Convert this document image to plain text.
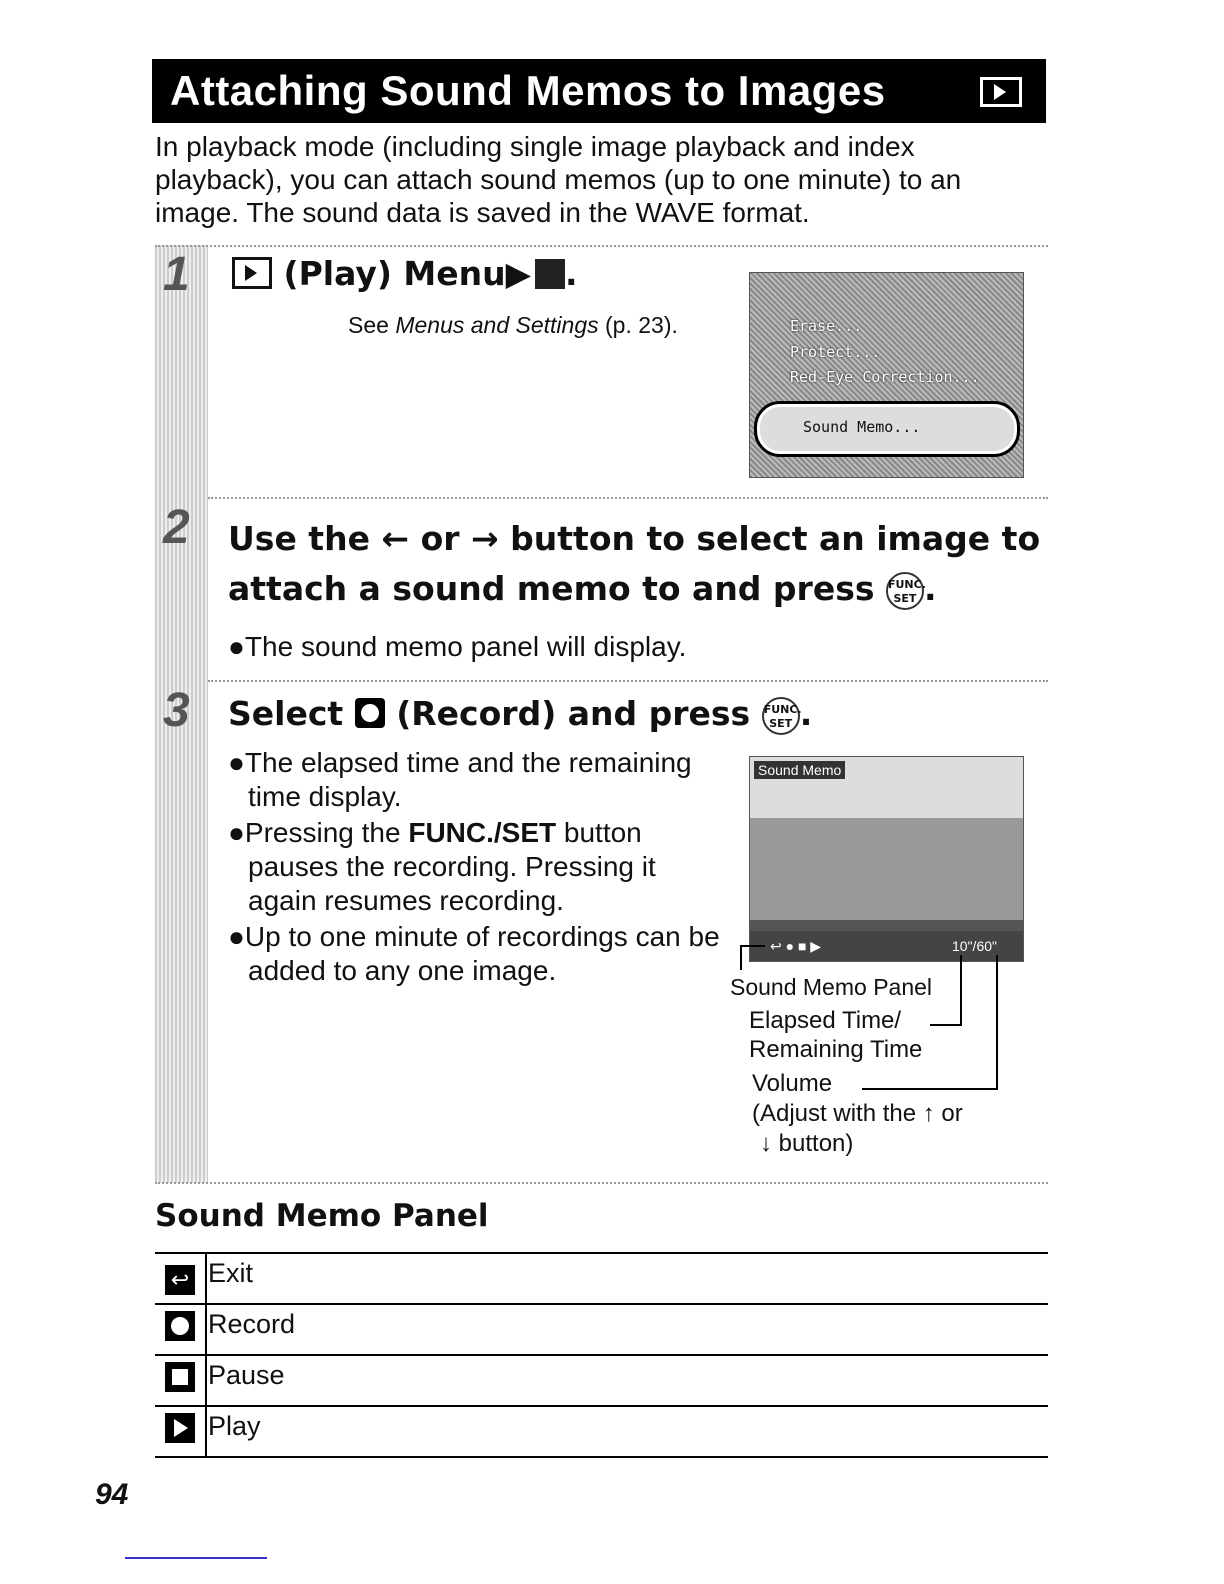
Attaching Sound Memos to Images
In playback mode (including single image playback and index playback), you can attach sound memos (up to one minute) to an image. The sound data is saved in the WAVE format.
1
2
3
(Play) Menu▶ .
See Menus and Settings (p. 23).	Erase...
Protect...
Red-Eye Correction...
Sound Memo...
Use the ← or → button to select an image to
attach a sound memo to and press FUNC. SET .
●The sound memo panel will display.
Select (Record) and press FUNC. SET .
●The elapsed time and the remaining time display.
●Pressing the FUNC./SET button pauses the recording. Pressing it again resumes recording.
●Up to one minute of recordings can be added to any one image.
Sound Memo
↩ ● ■ ▶	10"/60"
Sound Memo Panel
Elapsed Time/
Remaining Time
Volume
(Adjust with the ↑ or
↓ button)
Sound Memo Panel
↩	Exit

	Record

	Pause

	Play
94
